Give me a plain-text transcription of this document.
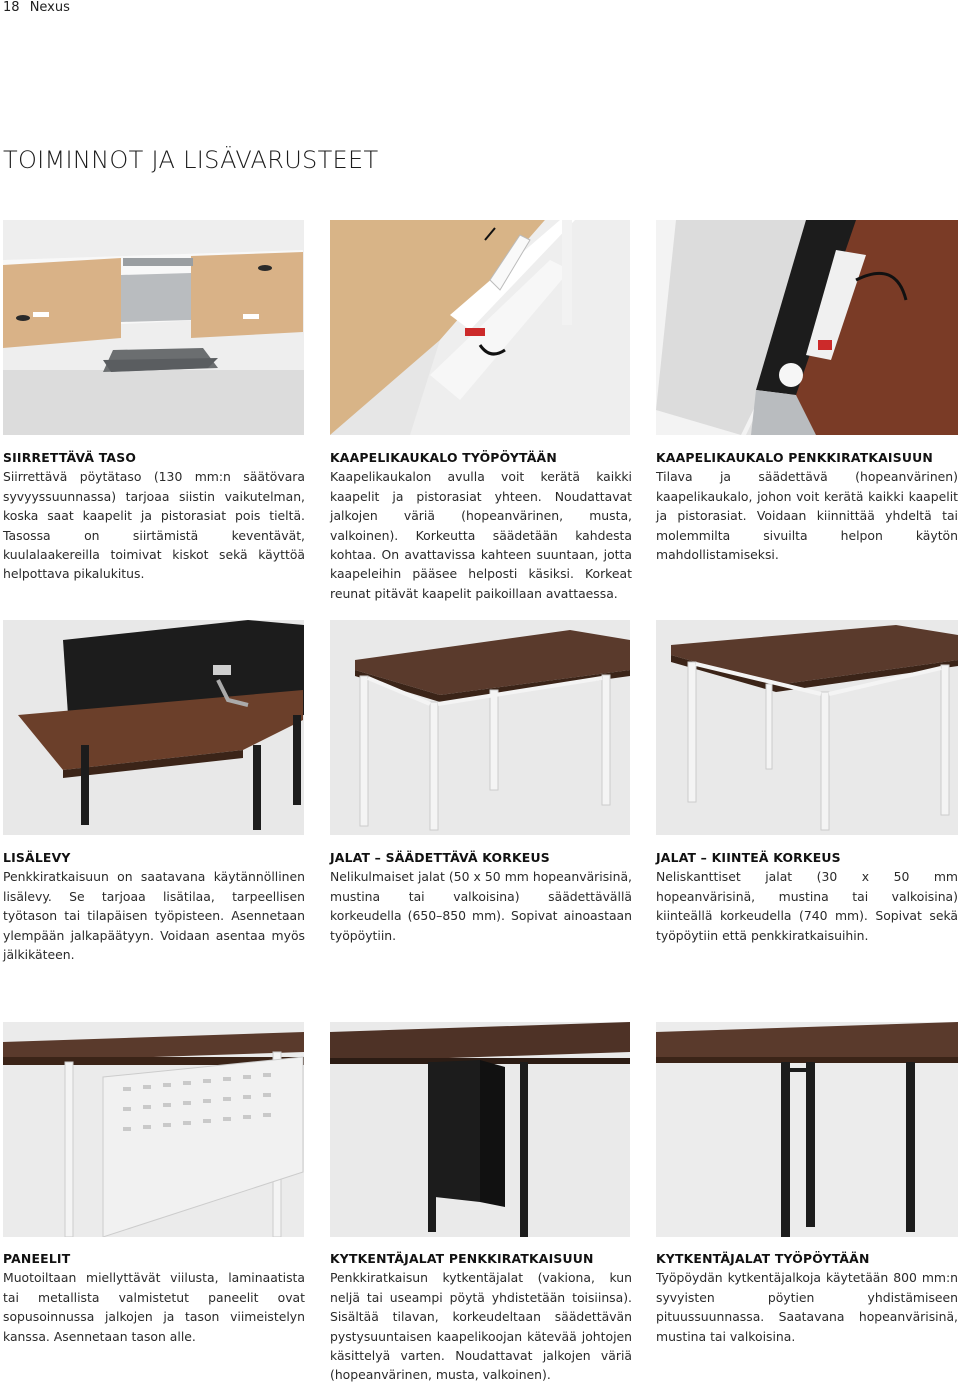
18 Nexus
TOIMINNOT JA LISÄVARUSTEET
SIIRRETTÄVÄ TASO

Siirrettävä pöytätaso (130 mm:n säätövara syvyyssuunnassa) tarjoaa siistin vaikutelman, koska saat kaapelit ja pistorasiat pois tieltä. Tasossa on siirtämistä keventävät, kuulalaakereilla toimivat kiskot sekä käyttöä helpottava pikalukitus.

KAAPELIKAUKALO TYÖPÖYTÄÄN

Kaapelikaukalon avulla voit kerätä kaikki kaapelit ja pistorasiat yhteen. Noudattavat jalkojen väriä (hopeanvärinen, musta, valkoinen). Korkeutta säädetään kahdesta kohtaa. On avattavissa kahteen suuntaan, jotta kaapeleihin pääsee helposti käsiksi. Korkeat reunat pitävät kaapelit paikoillaan avattaessa.

KAAPELIKAUKALO PENKKIRATKAISUUN

Tilava ja säädettävä (hopeanvärinen) kaapelikaukalo, johon voit kerätä kaikki kaapelit ja pistorasiat. Voidaan kiinnittää yhdeltä tai molemmilta sivuilta helpon käytön mahdollistamiseksi.

LISÄLEVY

Penkkiratkaisuun on saatavana käytännöllinen lisälevy. Se tarjoaa lisätilaa, tarpeellisen työtason tai tilapäisen työpisteen. Asennetaan ylempään jalkapäätyyn. Voidaan asentaa myös jälkikäteen.

JALAT – SÄÄDETTÄVÄ KORKEUS

Nelikulmaiset jalat (50 x 50 mm hopeanvärisinä, mustina tai valkoisina) säädettävällä korkeudella (650–850 mm). Sopivat ainoastaan työpöytiin.

JALAT – KIINTEÄ KORKEUS

Neliskanttiset jalat (30 x 50 mm hopeanvärisinä, mustina tai valkoisina) kiinteällä korkeudella (740 mm). Sopivat sekä työpöytiin että penkkiratkaisuihin.

PANEELIT

Muotoiltaan miellyttävät viilusta, laminaatista tai metallista valmistetut paneelit ovat sopusoinnussa jalkojen ja tason viimeistelyn kanssa. Asennetaan tason alle.

KYTKENTÄJALAT PENKKIRATKAISUUN

Penkkiratkaisun kytkentäjalat (vakiona, kun neljä tai useampi pöytä yhdistetään toisiinsa). Sisältää tilavan, korkeudeltaan säädettävän pystysuuntaisen kaapelikoojan kätevää johtojen käsittelyä varten. Noudattavat jalkojen väriä (hopeanvärinen, musta, valkoinen).

KYTKENTÄJALAT TYÖPÖYTÄÄN

Työpöydän kytkentäjalkoja käytetään 800 mm:n syvyisten pöytien yhdistämiseen pituussuunnassa. Saatavana hopeanvärisinä, mustina tai valkoisina.
